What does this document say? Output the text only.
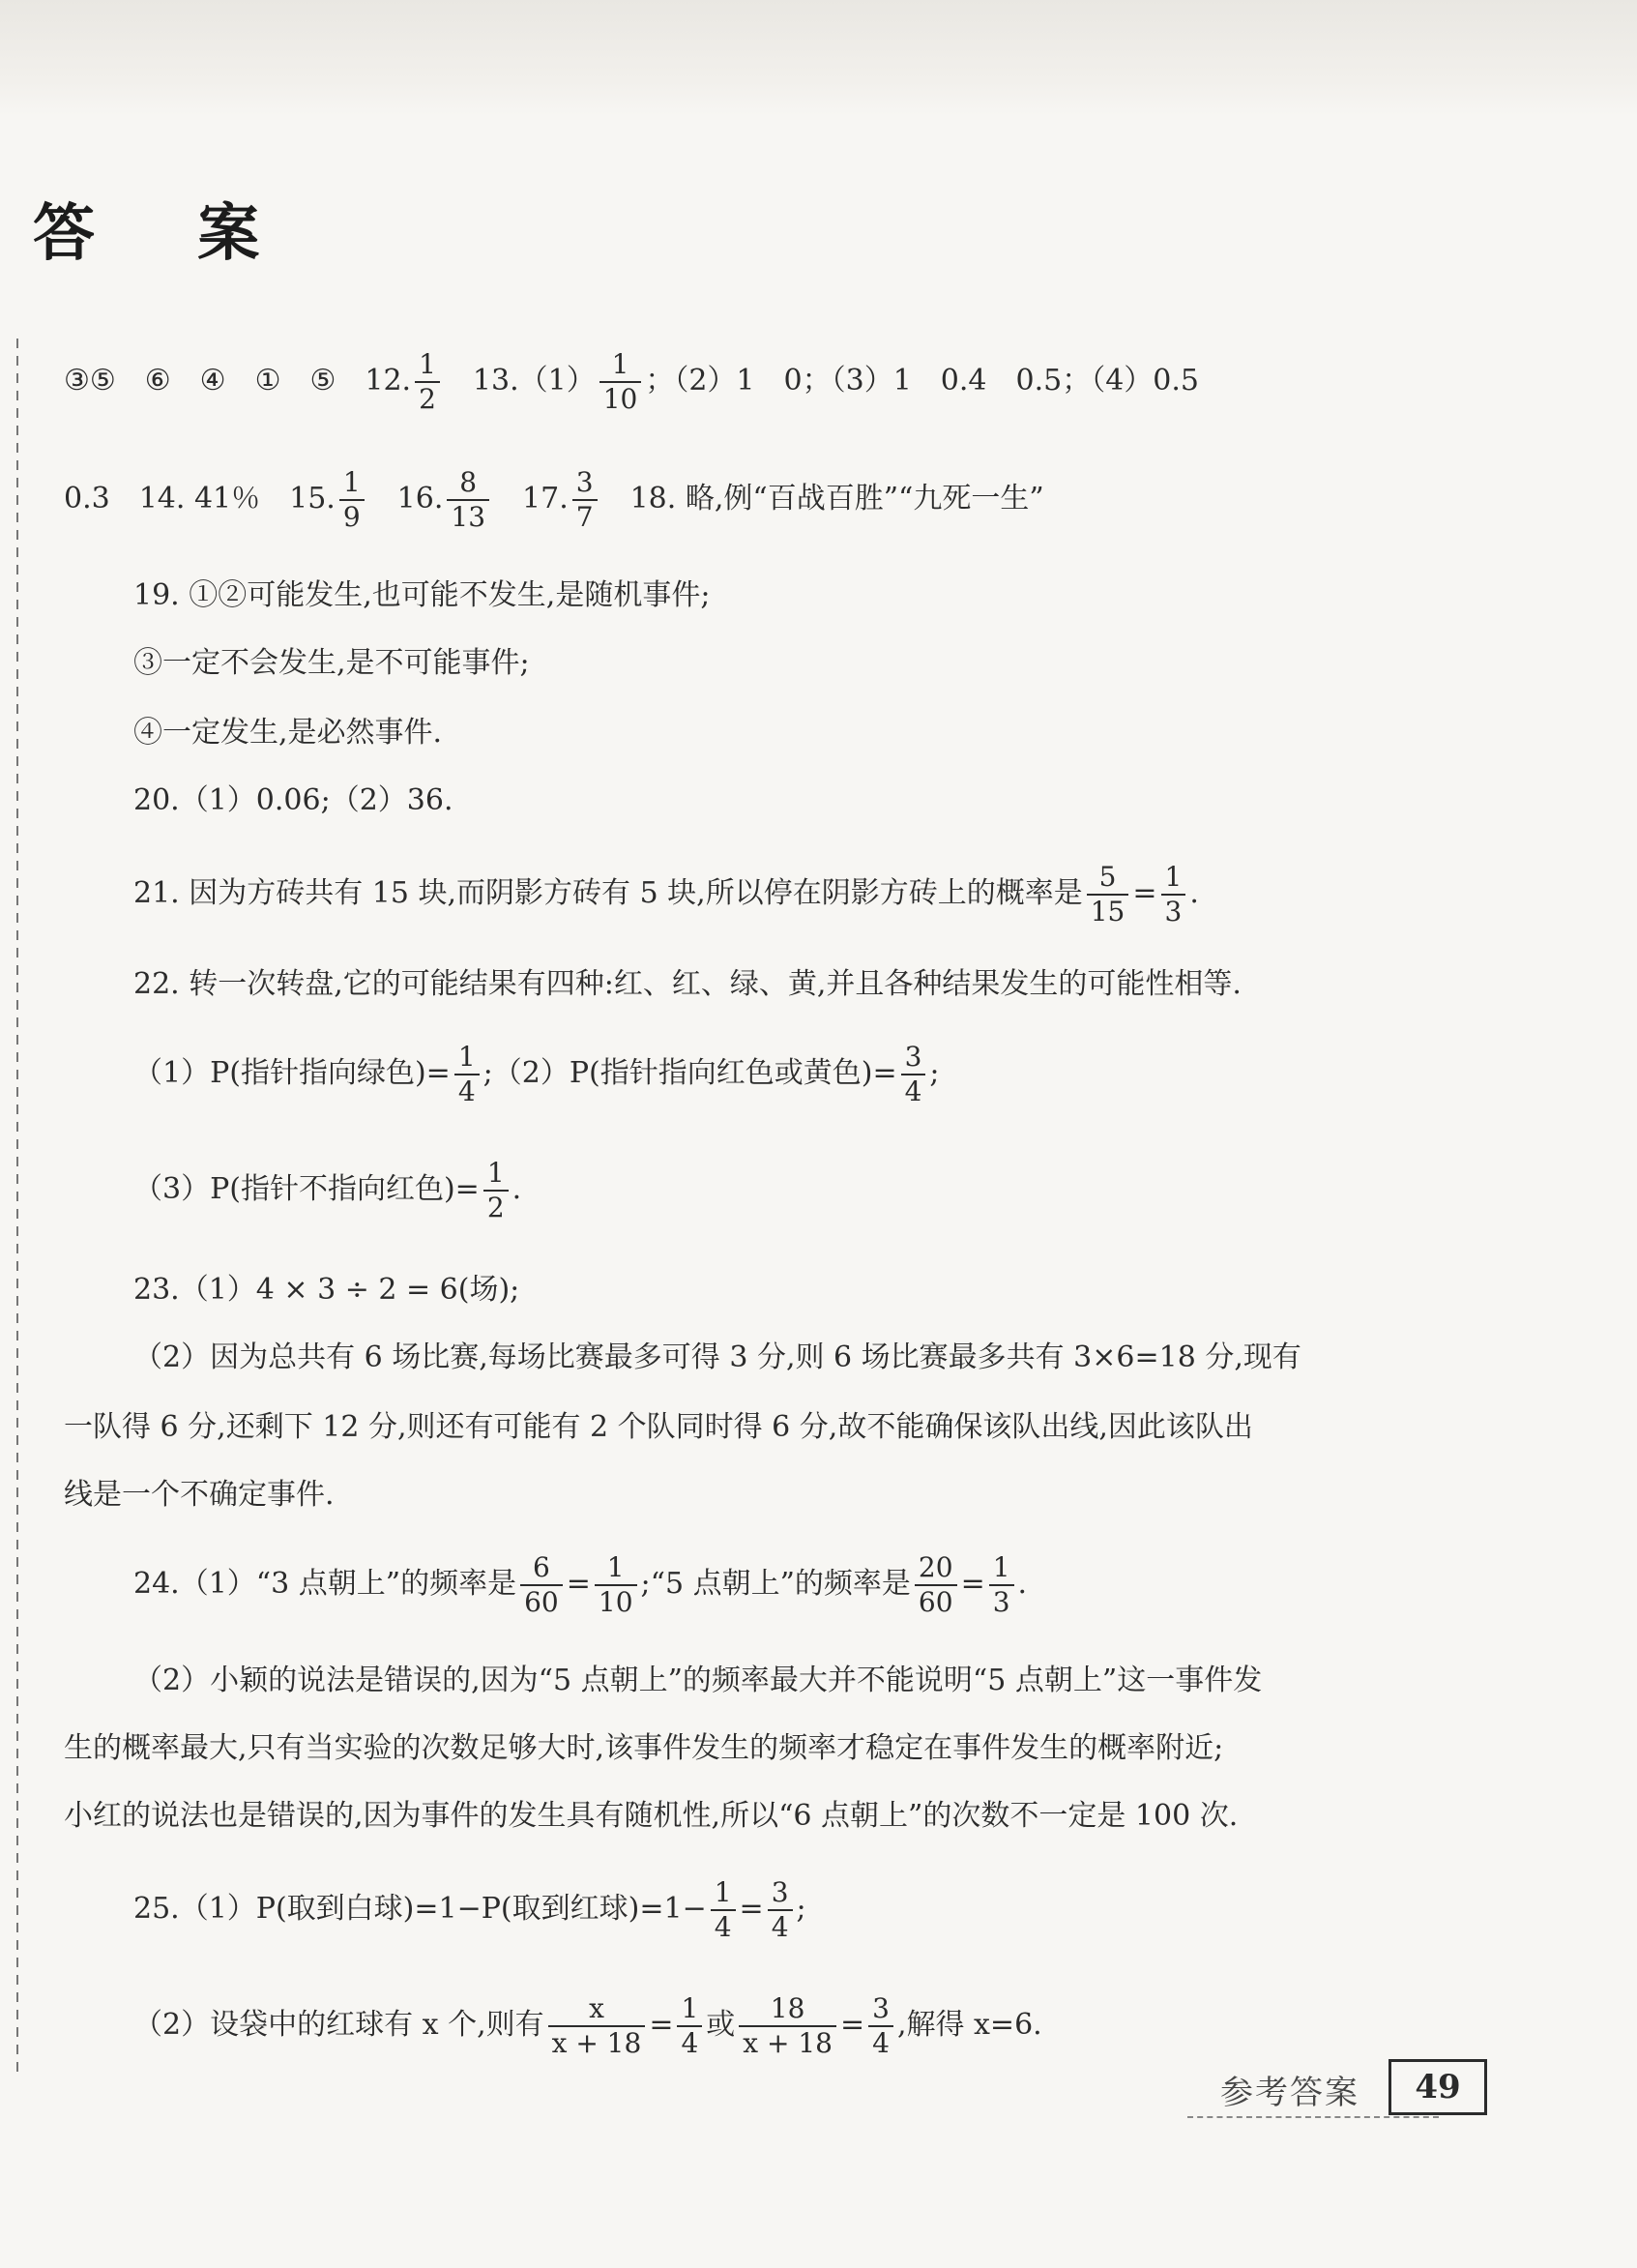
答 案
③⑤　⑥　④　①　⑤　12. $\frac{1}{2}$ 　$13.(1) \frac{1}{10}$ ；（2）1　0；（3）1　0.4　0.5；（4）0.5
0.3　14. 41％　15. $\frac{1}{9}$ 　16. $\frac{8}{13}$ 　17. $\frac{3}{7}$ 　18. 略,例“百战百胜”“九死一生”
19. ①②可能发生,也可能不发生,是随机事件;
③一定不会发生,是不可能事件;
④一定发生,是必然事件.
20.（1）0.06;（2）36.
21. 因为方砖共有 15 块,而阴影方砖有 5 块,所以停在阴影方砖上的概率是 $\frac{5}{15} = \frac{1}{3}$ .
22. 转一次转盘,它的可能结果有四种:红、红、绿、黄,并且各种结果发生的可能性相等.
（1）P(指针指向绿色)= $\frac{1}{4}$ ;（2）P(指针指向红色或黄色)= $\frac{3}{4}$ ;
（3）P(指针不指向红色)= $\frac{1}{2}$ .
23.（1）4 × 3 ÷ 2 = 6(场);
（2）因为总共有 6 场比赛,每场比赛最多可得 3 分,则 6 场比赛最多共有 3×6=18 分,现有
一队得 6 分,还剩下 12 分,则还有可能有 2 个队同时得 6 分,故不能确保该队出线,因此该队出
线是一个不确定事件.
24.（1）“3 点朝上”的频率是 $\frac{6}{60} = \frac{1}{10}$ ;“5 点朝上”的频率是 $\frac{20}{60} = \frac{1}{3}$ .
（2）小颖的说法是错误的,因为“5 点朝上”的频率最大并不能说明“5 点朝上”这一事件发
生的概率最大,只有当实验的次数足够大时,该事件发生的频率才稳定在事件发生的概率附近;
小红的说法也是错误的,因为事件的发生具有随机性,所以“6 点朝上”的次数不一定是 100 次.
25.（1）P(取到白球)=1−P(取到红球)$=1- \frac{1}{4} = \frac{3}{4}$ ;
（2）设袋中的红球有 x 个,则有 $\frac{x}{x + 18} = \frac{1}{4}$ 或 $\frac{18}{x + 18} = \frac{3}{4}$ ,解得 x=6.
参考答案	49
